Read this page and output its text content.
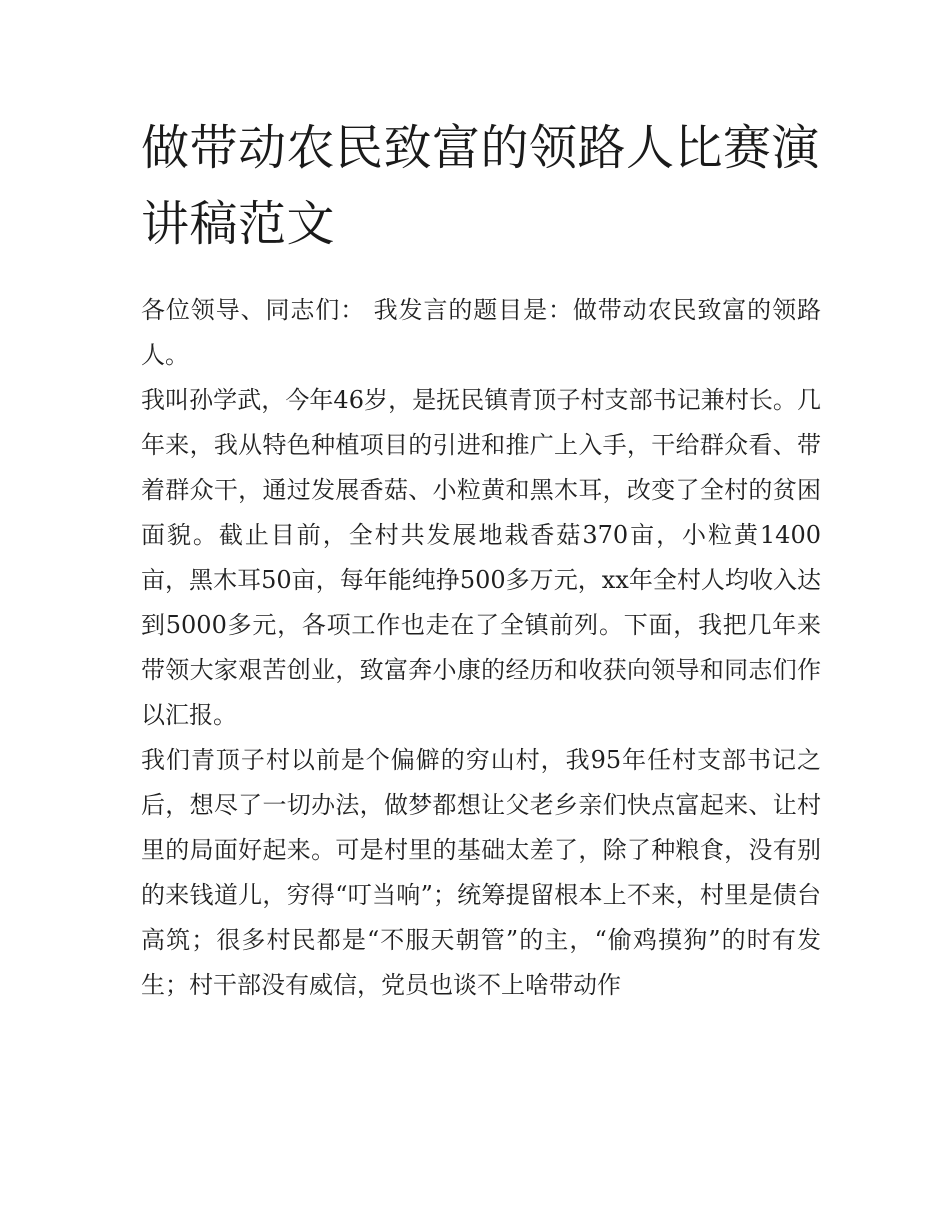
做带动农民致富的领路人比赛演讲稿范文

各位领导、同志们： 我发言的题目是：做带动农民致富的领路人。

我叫孙学武，今年46岁，是抚民镇青顶子村支部书记兼村长。几年来，我从特色种植项目的引进和推广上入手，干给群众看、带着群众干，通过发展香菇、小粒黄和黑木耳，改变了全村的贫困面貌。截止目前，全村共发展地栽香菇370亩，小粒黄1400亩，黑木耳50亩，每年能纯挣500多万元，xx年全村人均收入达到5000多元，各项工作也走在了全镇前列。下面，我把几年来带领大家艰苦创业，致富奔小康的经历和收获向领导和同志们作以汇报。

我们青顶子村以前是个偏僻的穷山村，我95年任村支部书记之后，想尽了一切办法，做梦都想让父老乡亲们快点富起来、让村里的局面好起来。可是村里的基础太差了，除了种粮食，没有别的来钱道儿，穷得“叮当响”；统筹提留根本上不来，村里是债台高筑；很多村民都是“不服天朝管”的主，“偷鸡摸狗”的时有发生；村干部没有威信，党员也谈不上啥带动作
